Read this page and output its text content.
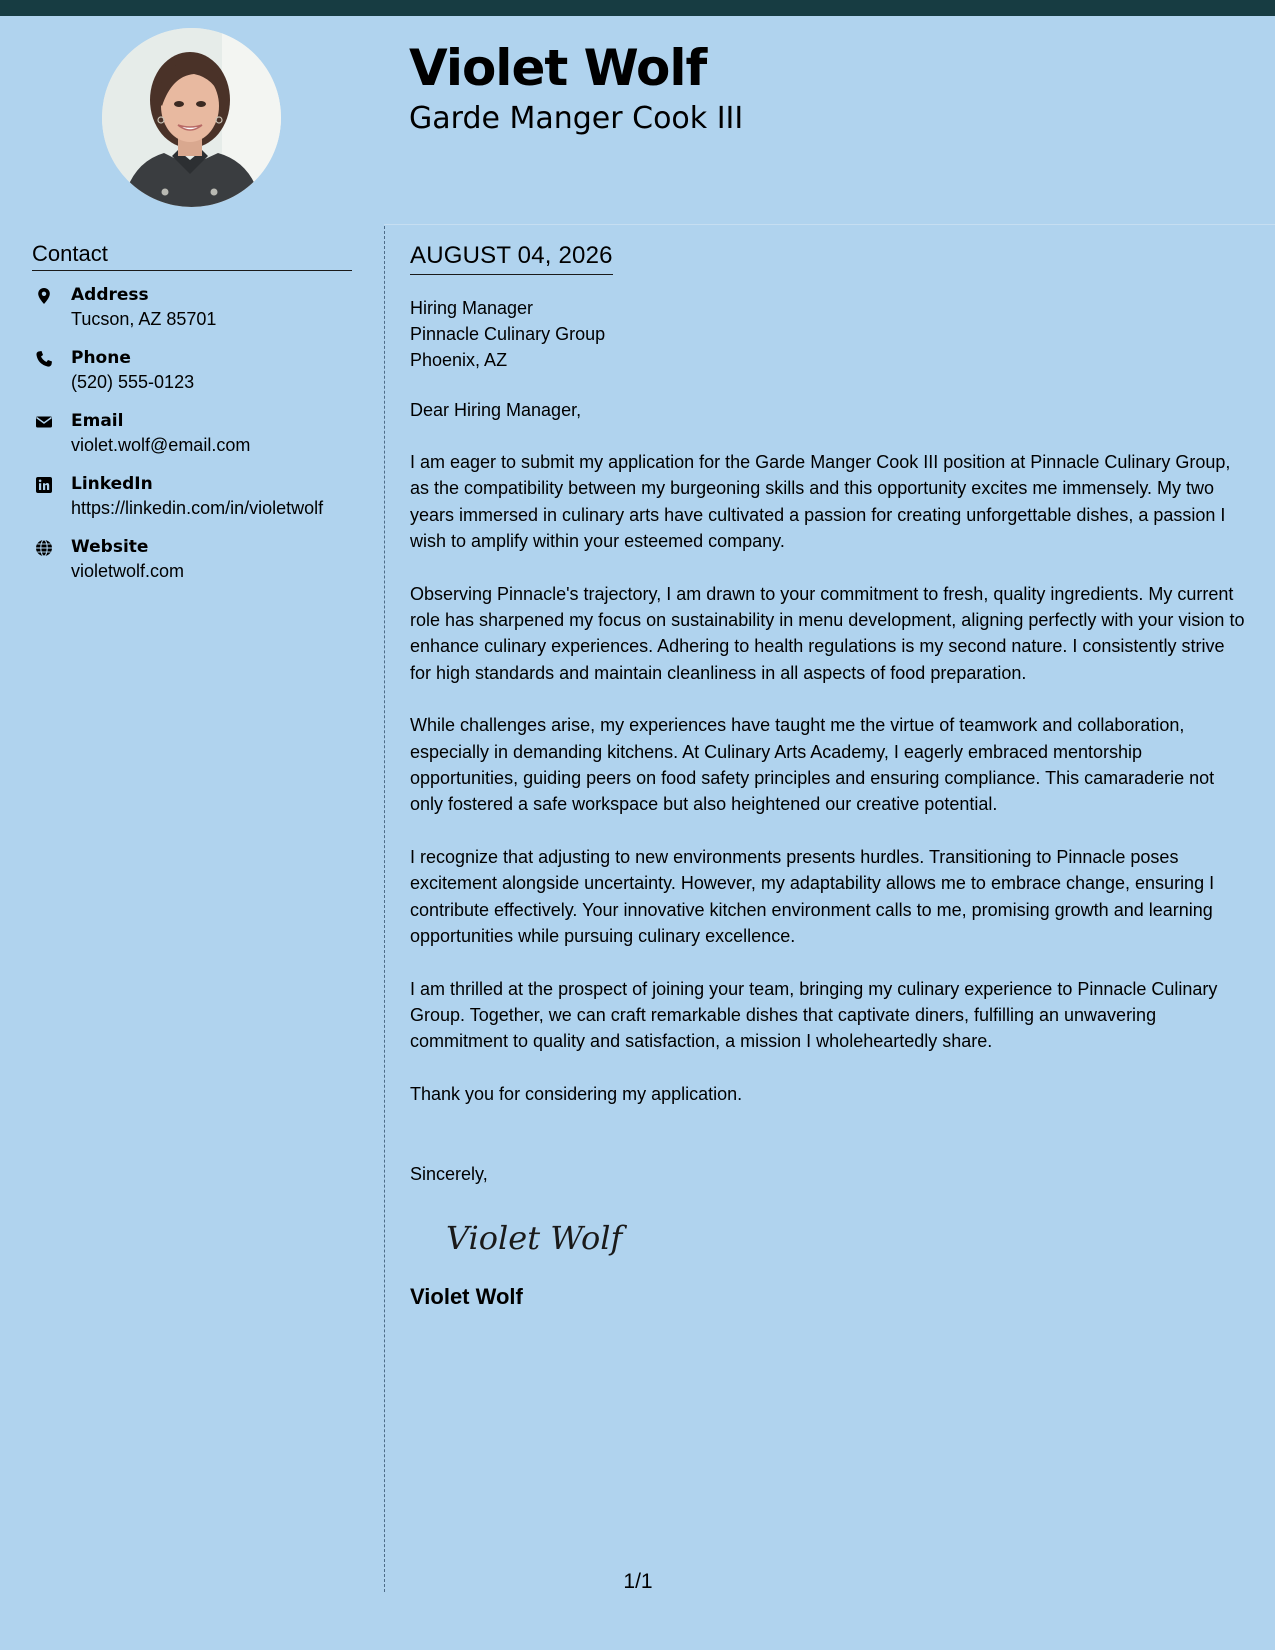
Violet Wolf
Garde Manger Cook III
Contact
Address
Tucson, AZ 85701
Phone
(520) 555-0123
Email
violet.wolf@email.com
LinkedIn
https://linkedin.com/in/violetwolf
Website
violetwolf.com
AUGUST 04, 2026
Hiring Manager
Pinnacle Culinary Group
Phoenix, AZ

Dear Hiring Manager,

I am eager to submit my application for the Garde Manger Cook III position at Pinnacle Culinary Group, as the compatibility between my burgeoning skills and this opportunity excites me immensely. My two years immersed in culinary arts have cultivated a passion for creating unforgettable dishes, a passion I wish to amplify within your esteemed company.

Observing Pinnacle's trajectory, I am drawn to your commitment to fresh, quality ingredients. My current role has sharpened my focus on sustainability in menu development, aligning perfectly with your vision to enhance culinary experiences. Adhering to health regulations is my second nature. I consistently strive for high standards and maintain cleanliness in all aspects of food preparation.

While challenges arise, my experiences have taught me the virtue of teamwork and collaboration, especially in demanding kitchens. At Culinary Arts Academy, I eagerly embraced mentorship opportunities, guiding peers on food safety principles and ensuring compliance. This camaraderie not only fostered a safe workspace but also heightened our creative potential.

I recognize that adjusting to new environments presents hurdles. Transitioning to Pinnacle poses excitement alongside uncertainty. However, my adaptability allows me to embrace change, ensuring I contribute effectively. Your innovative kitchen environment calls to me, promising growth and learning opportunities while pursuing culinary excellence.

I am thrilled at the prospect of joining your team, bringing my culinary experience to Pinnacle Culinary Group. Together, we can craft remarkable dishes that captivate diners, fulfilling an unwavering commitment to quality and satisfaction, a mission I wholeheartedly share.

Thank you for considering my application.

Sincerely,

Violet Wolf
Violet Wolf
1/1
